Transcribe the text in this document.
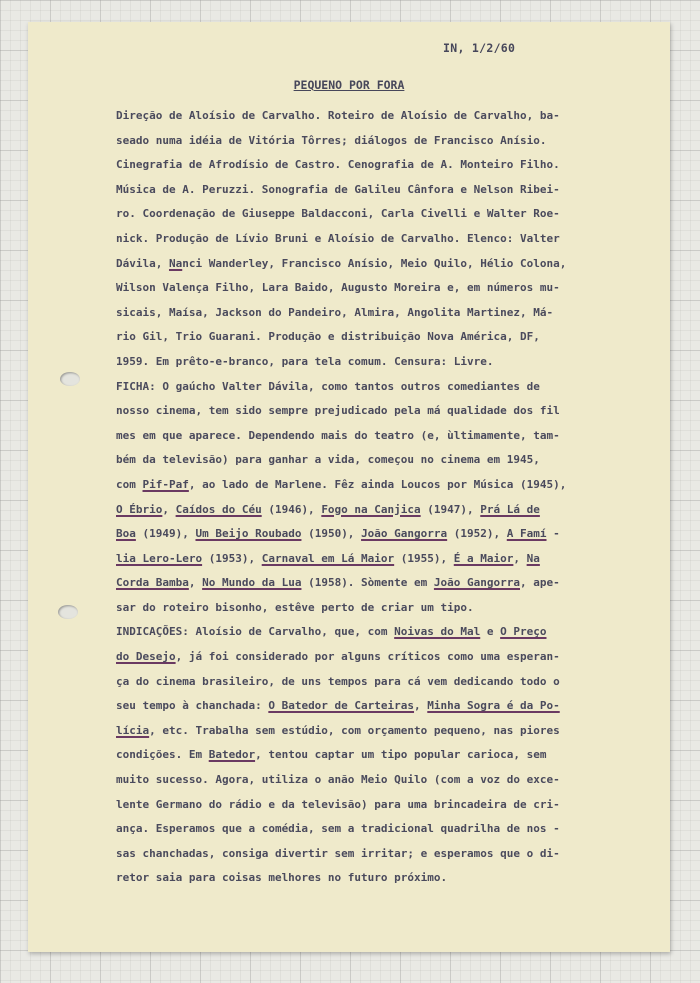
IN, 1/2/60
PEQUENO POR FORA
Direção de Aloísio de Carvalho. Roteiro de Aloísio de Carvalho, ba-
seado numa idéia de Vitória Tôrres; diálogos de Francisco Anísio.
Cinegrafia de Afrodísio de Castro. Cenografia de A. Monteiro Filho.
Música de A. Peruzzi. Sonografia de Galileu Cânfora e Nelson Ribei-
ro. Coordenação de Giuseppe Baldacconi, Carla Civelli e Walter Roe-
nick. Produção de Lívio Bruni e Aloísio de Carvalho. Elenco: Valter
Dávila, Nanci Wanderley, Francisco Anísio, Meio Quilo, Hélio Colona,
Wilson Valença Filho, Lara Baido, Augusto Moreira e, em números mu-
sicais, Maísa, Jackson do Pandeiro, Almira, Angolita Martinez, Má-
rio Gil, Trio Guarani. Produção e distribuição Nova América, DF,
1959. Em prêto-e-branco, para tela comum. Censura: Livre.
FICHA: O gaúcho Valter Dávila, como tantos outros comediantes de
nosso cinema, tem sido sempre prejudicado pela má qualidade dos fil
mes em que aparece. Dependendo mais do teatro (e, ùltimamente, tam-
bém da televisão) para ganhar a vida, começou no cinema em 1945,
com Pif-Paf, ao lado de Marlene. Fêz ainda Loucos por Música (1945),
O Ébrio, Caídos do Céu (1946), Fogo na Canjica (1947), Prá Lá de
Boa (1949), Um Beijo Roubado (1950), João Gangorra (1952), A Famí -
lia Lero-Lero (1953), Carnaval em Lá Maior (1955), É a Maior, Na
Corda Bamba, No Mundo da Lua (1958). Sòmente em João Gangorra, ape-
sar do roteiro bisonho, estêve perto de criar um tipo.
INDICAÇÕES: Aloísio de Carvalho, que, com Noivas do Mal e O Preço
do Desejo, já foi considerado por alguns críticos como uma esperan-
ça do cinema brasileiro, de uns tempos para cá vem dedicando todo o
seu tempo à chanchada: O Batedor de Carteiras, Minha Sogra é da Po-
lícia, etc. Trabalha sem estúdio, com orçamento pequeno, nas piores
condições. Em Batedor, tentou captar um tipo popular carioca, sem
muito sucesso. Agora, utiliza o anão Meio Quilo (com a voz do exce-
lente Germano do rádio e da televisão) para uma brincadeira de cri-
ança. Esperamos que a comédia, sem a tradicional quadrilha de nos -
sas chanchadas, consiga divertir sem irritar; e esperamos que o di-
retor saia para coisas melhores no futuro próximo.
